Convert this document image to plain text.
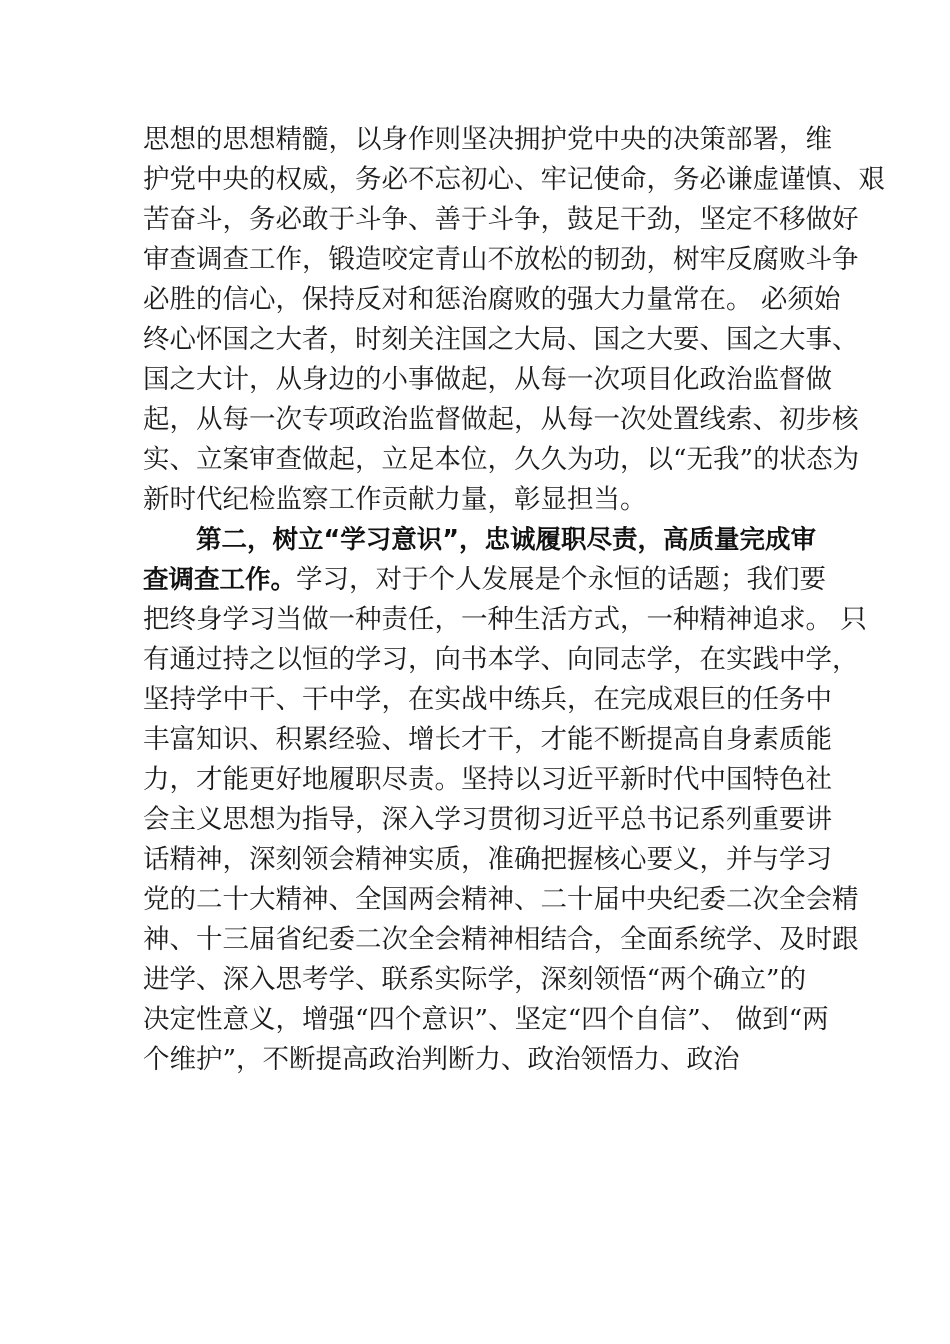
思想的思想精髓，以身作则坚决拥护党中央的决策部署，维
护党中央的权威，务必不忘初心、牢记使命，务必谦虚谨慎、艰
苦奋斗，务必敢于斗争、善于斗争，鼓足干劲，坚定不移做好
审查调查工作，锻造咬定青山不放松的韧劲，树牢反腐败斗争
必胜的信心，保持反对和惩治腐败的强大力量常在。 必须始
终心怀国之大者，时刻关注国之大局、国之大要、国之大事、
国之大计，从身边的小事做起，从每一次项目化政治监督做
起，从每一次专项政治监督做起，从每一次处置线索、初步核
实、立案审查做起，立足本位，久久为功，以“无我”的状态为
新时代纪检监察工作贡献力量，彰显担当。
第二，树立“学习意识”，忠诚履职尽责，高质量完成审
查调查工作。学习，对于个人发展是个永恒的话题；我们要
把终身学习当做一种责任，一种生活方式，一种精神追求。 只
有通过持之以恒的学习，向书本学、向同志学，在实践中学，
坚持学中干、干中学，在实战中练兵，在完成艰巨的任务中
丰富知识、积累经验、增长才干，才能不断提高自身素质能
力，才能更好地履职尽责。坚持以习近平新时代中国特色社
会主义思想为指导，深入学习贯彻习近平总书记系列重要讲
话精神，深刻领会精神实质，准确把握核心要义，并与学习
党的二十大精神、全国两会精神、二十届中央纪委二次全会精
神、十三届省纪委二次全会精神相结合，全面系统学、及时跟
进学、深入思考学、联系实际学，深刻领悟“两个确立”的
决定性意义，增强“四个意识”、坚定“四个自信”、 做到“两
个维护”，不断提高政治判断力、政治领悟力、政治
